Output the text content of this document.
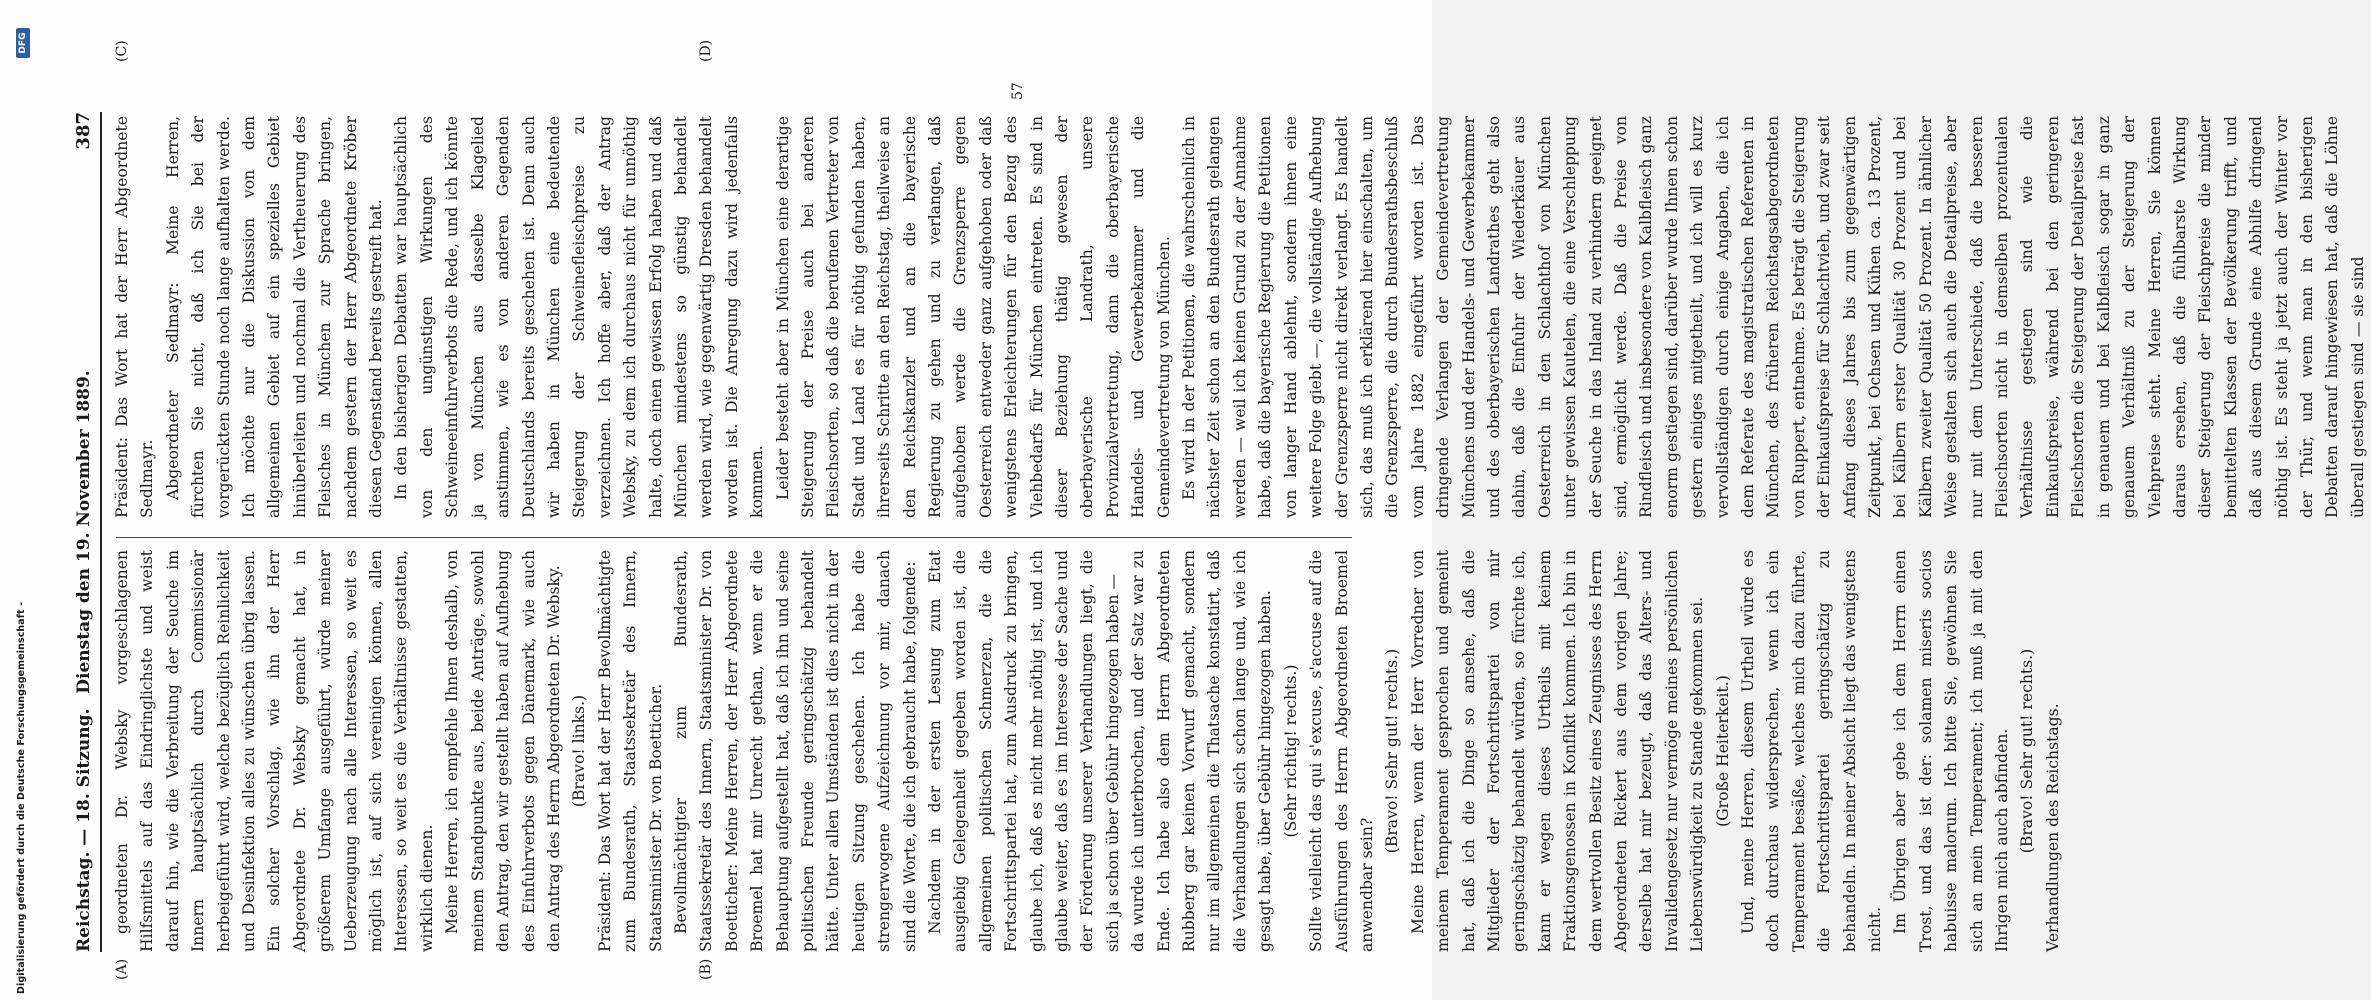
Digitalisierung gefördert durch die Deutsche Forschungsgemeinschaft -
DFG
Reichstag. — 18. Sitzung.
Dienstag den 19. November 1889.
387
(A)	(B)
(C)	(D)

geordneten Dr. Websky vorgeschlagenen Hilfsmittels auf das Eindringlichste und weist darauf hin, wie die Verbreitung der Seuche im Innern hauptsächlich durch Commissionär herbeigeführt wird, welche bezüglich Reinlichkeit und Desinfektion alles zu wünschen übrig lassen. Ein solcher Vorschlag, wie ihn der Herr Abgeordnete Dr. Websky gemacht hat, in größerem Umfange ausgeführt, würde meiner Ueberzeugung nach alle Interessen, so weit es möglich ist, auf sich vereinigen können, allen Interessen, so weit es die Verhältnisse gestatten, wirklich dienen. Meine Herren, ich empfehle Ihnen deshalb, von meinem Standpunkte aus, beide Anträge, sowohl den Antrag, den wir gestellt haben auf Aufhebung des Einfuhrverbots gegen Dänemark, wie auch den Antrag des Herrn Abgeordneten Dr. Websky. (Bravo! links.) Präsident: Das Wort hat der Herr Bevollmächtigte zum Bundesrath, Staatssekretär des Innern, Staatsminister Dr. von Boetticher. Bevollmächtigter zum Bundesrath, Staatssekretär des Innern, Staatsminister Dr. von Boetticher: Meine Herren, der Herr Abgeordnete Broemel hat mir Unrecht gethan, wenn er die Behauptung aufgestellt hat, daß ich ihn und seine politischen Freunde geringschätzig behandelt hätte. Unter allen Umständen ist dies nicht in der heutigen Sitzung geschehen. Ich habe die strengerwogene Aufzeichnung vor mir, danach sind die Worte, die ich gebraucht habe, folgende: Nachdem in der ersten Lesung zum Etat ausgiebig Gelegenheit gegeben worden ist, die allgemeinen politischen Schmerzen, die die Fortschrittspartei hat, zum Ausdruck zu bringen, glaube ich, daß es nicht mehr nöthig ist, und ich glaube weiter, daß es im Interesse der Sache und der Förderung unserer Verhandlungen liegt, die sich ja schon über Gebühr hingezogen haben — da wurde ich unterbrochen, und der Satz war zu Ende. Ich habe also dem Herrn Abgeordneten Rubberg gar keinen Vorwurf gemacht, sondern nur im allgemeinen die Thatsache konstatirt, daß die Verhandlungen sich schon lange und, wie ich gesagt habe, über Gebühr hingezogen haben. (Sehr richtig! rechts.) Sollte vielleicht das qui s'excuse, s'accuse auf die Ausführungen des Herrn Abgeordneten Broemel anwendbar sein?

(Bravo! Sehr gut! rechts.) Meine Herren, wenn der Herr Vorredner von meinem Temperament gesprochen und gemeint hat, daß ich die Dinge so ansehe, daß die Mitglieder der Fortschrittspartei von mir geringschätzig behandelt würden, so fürchte ich, kann er wegen dieses Urtheils mit keinem Fraktionsgenossen in Konflikt kommen. Ich bin in dem wertvollen Besitz eines Zeugnisses des Herrn Abgeordneten Rickert aus dem vorigen Jahre; derselbe hat mir bezeugt, daß das Alters- und Invalidengesetz nur vermöge meines persönlichen Liebenswürdigkeit zu Stande gekommen sei. (Große Heiterkeit.) Und, meine Herren, diesem Urtheil würde es doch durchaus widersprechen, wenn ich ein Temperament besäße, welches mich dazu führte, die Fortschrittspartei geringschätzig zu behandeln. In meiner Absicht liegt das wenigstens nicht. Im Übrigen aber gebe ich dem Herrn einen Trost, und das ist der: solamen miseris socios habuisse malorum. Ich bitte Sie, gewöhnen Sie sich an mein Temperament; ich muß ja mit den Ihrigen mich auch abfinden. (Bravo! Sehr gut! rechts.) Verhandlungen des Reichstags.

Präsident: Das Wort hat der Herr Abgeordnete Sedlmayr. Abgeordneter Sedlmayr: Meine Herren, fürchten Sie nicht, daß ich Sie bei der vorgerückten Stunde noch lange aufhalten werde. Ich möchte nur die Diskussion von dem allgemeinen Gebiet auf ein spezielles Gebiet hinüberleiten und nochmal die Vertheuerung des Fleisches in München zur Sprache bringen, nachdem gestern der Herr Abgeordnete Kröber diesen Gegenstand bereits gestreift hat. In den bisherigen Debatten war hauptsächlich von den ungünstigen Wirkungen des Schweineeinfuhrverbots die Rede, und ich könnte ja von München aus dasselbe Klagelied anstimmen, wie es von anderen Gegenden Deutschlands bereits geschehen ist. Denn auch wir haben in München eine bedeutende Steigerung der Schweinefleischpreise zu verzeichnen. Ich hoffe aber, daß der Antrag Websky, zu dem ich durchaus nicht für unnöthig halte, doch einen gewissen Erfolg haben und daß München mindestens so günstig behandelt werden wird, wie gegenwärtig Dresden behandelt worden ist. Die Anregung dazu wird jedenfalls kommen. Leider besteht aber in München eine derartige Steigerung der Preise auch bei anderen Fleischsorten, so daß die berufenen Vertreter von Stadt und Land es für nöthig gefunden haben, ihrerseits Schritte an den Reichstag, theilweise an den Reichskanzler und an die bayerische Regierung zu gehen und zu verlangen, daß aufgehoben werde die Grenzsperre gegen Oesterreich entweder ganz aufgehoben oder daß wenigstens Erleichterungen für den Bezug des Viehbedarfs für München eintreten. Es sind in dieser Beziehung thätig gewesen der oberbayerische Landrath, unsere Provinzialvertretung, dann die oberbayerische Handels- und Gewerbekammer und die Gemeindevertretung von München. Es wird in der Petitionen, die wahrscheinlich in nächster Zeit schon an den Bundesrath gelangen werden — weil ich keinen Grund zu der Annahme habe, daß die bayerische Regierung die Petitionen von langer Hand ablehnt, sondern ihnen eine weitere Folge giebt —, die vollständige Aufhebung der Grenzsperre nicht direkt verlangt. Es handelt sich, das muß ich erklärend hier einschalten, um die Grenzsperre, die durch Bundesrathsbeschluß vom Jahre 1882 eingeführt worden ist. Das dringende Verlangen der Gemeindevertretung Münchens und der Handels- und Gewerbekammer und des oberbayerischen Landrathes geht also dahin, daß die Einfuhr der Wiederkäuer aus Oesterreich in den Schlachthof von München unter gewissen Kautelen, die eine Verschleppung der Seuche in das Inland zu verhindern geeignet sind, ermöglicht werde. Daß die Preise von Rindfleisch und insbesondere von Kalbfleisch ganz enorm gestiegen sind, darüber wurde Ihnen schon gestern einiges mitgetheilt, und ich will es kurz vervollständigen durch einige Angaben, die ich dem Referate des magistratischen Referenten in München, des früheren Reichstagsabgeordneten von Ruppert, entnehme. Es beträgt die Steigerung der Einkaufspreise für Schlachtvieh, und zwar seit Anfang dieses Jahres bis zum gegenwärtigen Zeitpunkt, bei Ochsen und Kühen ca. 13 Prozent, bei Kälbern erster Qualität 30 Prozent und bei Kälbern zweiter Qualität 50 Prozent. In ähnlicher Weise gestalten sich auch die Detailpreise, aber nur mit dem Unterschiede, daß die besseren Fleischsorten nicht in demselben prozentualen Verhältnisse gestiegen sind wie die Einkaufspreise, während bei den geringeren Fleischsorten die Steigerung der Detailpreise fast in genauem und bei Kalbfleisch sogar in ganz genauem Verhältniß zu der Steigerung der Viehpreise steht. Meine Herren, Sie können daraus ersehen, daß die fühlbarste Wirkung dieser Steigerung der Fleischpreise die minder bemittelten Klassen der Bevölkerung trifft, und daß aus diesem Grunde eine Abhilfe dringend nöthig ist. Es steht ja jetzt auch der Winter vor der Thür, und wenn man in den bisherigen Debatten darauf hingewiesen hat, daß die Löhne überall gestiegen sind — sie sind

57
